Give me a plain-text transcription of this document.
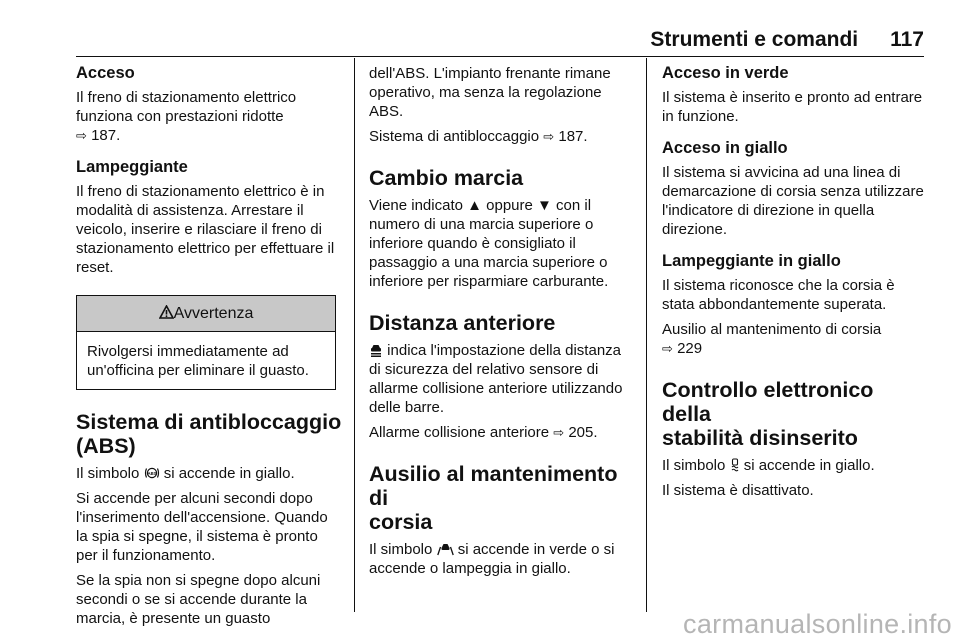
Strumenti e comandi 117
Acceso
Il freno di stazionamento elettrico
funziona con prestazioni ridotte
⇨ 187.
Lampeggiante
Il freno di stazionamento elettrico è in modalità di assistenza. Arrestare il veicolo, inserire e rilasciare il freno di stazionamento elettrico per effettuare il reset.
Avvertenza
Rivolgersi immediatamente ad un'officina per eliminare il guasto.
Sistema di antibloccaggio
(ABS)
Il simbolo ABS si accende in giallo.
Si accende per alcuni secondi dopo l'inserimento dell'accensione. Quando la spia si spegne, il sistema è pronto per il funzionamento.
Se la spia non si spegne dopo alcuni secondi o se si accende durante la marcia, è presente un guasto
dell'ABS. L'impianto frenante rimane operativo, ma senza la regolazione ABS.
Sistema di antibloccaggio ⇨ 187.
Cambio marcia
Viene indicato ▲ oppure ▼ con il numero di una marcia superiore o inferiore quando è consigliato il passaggio a una marcia superiore o inferiore per risparmiare carburante.
Distanza anteriore
indica l'impostazione della distanza di sicurezza del relativo sensore di allarme collisione anteriore utilizzando delle barre.
Allarme collisione anteriore ⇨ 205.
Ausilio al mantenimento di
corsia
Il simbolo si accende in verde o si accende o lampeggia in giallo.
Acceso in verde
Il sistema è inserito e pronto ad entrare in funzione.
Acceso in giallo
Il sistema si avvicina ad una linea di demarcazione di corsia senza utilizzare l'indicatore di direzione in quella direzione.
Lampeggiante in giallo
Il sistema riconosce che la corsia è stata abbondantemente superata.
Ausilio al mantenimento di corsia
⇨ 229
Controllo elettronico della
stabilità disinserito
Il simbolo si accende in giallo.
Il sistema è disattivato.
carmanualsonline.info
